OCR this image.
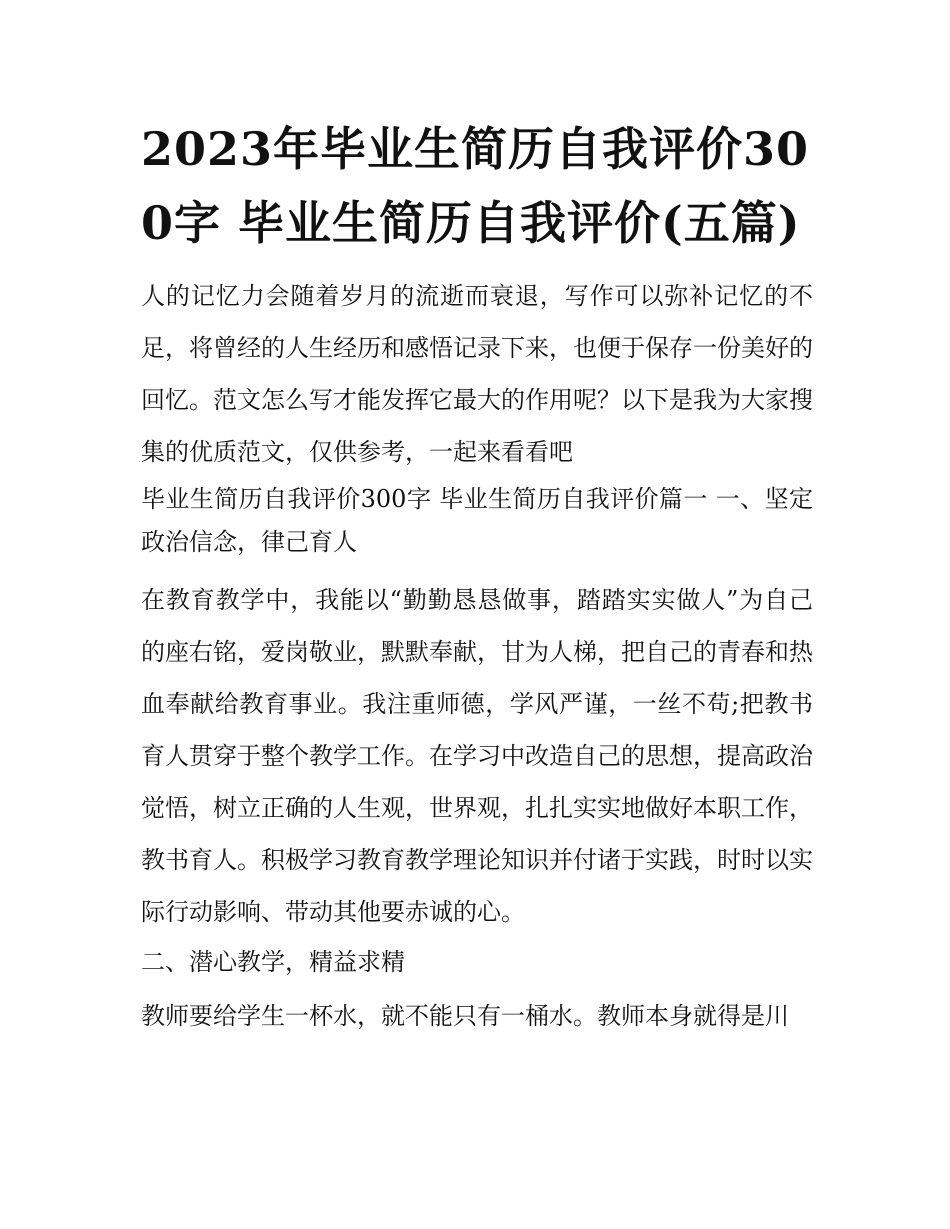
2023年毕业生简历自我评价300字 毕业生简历自我评价(五篇)

人的记忆力会随着岁月的流逝而衰退，写作可以弥补记忆的不足，将曾经的人生经历和感悟记录下来，也便于保存一份美好的回忆。范文怎么写才能发挥它最大的作用呢？以下是我为大家搜集的优质范文，仅供参考，一起来看看吧

毕业生简历自我评价300字 毕业生简历自我评价篇一 一、坚定政治信念，律己育人

在教育教学中，我能以“勤勤恳恳做事，踏踏实实做人”为自己的座右铭，爱岗敬业，默默奉献，甘为人梯，把自己的青春和热血奉献给教育事业。我注重师德，学风严谨，一丝不苟;把教书育人贯穿于整个教学工作。在学习中改造自己的思想，提高政治觉悟，树立正确的人生观，世界观，扎扎实实地做好本职工作，教书育人。积极学习教育教学理论知识并付诸于实践，时时以实际行动影响、带动其他要赤诚的心。

二、潜心教学，精益求精

教师要给学生一杯水，就不能只有一桶水。教师本身就得是川
